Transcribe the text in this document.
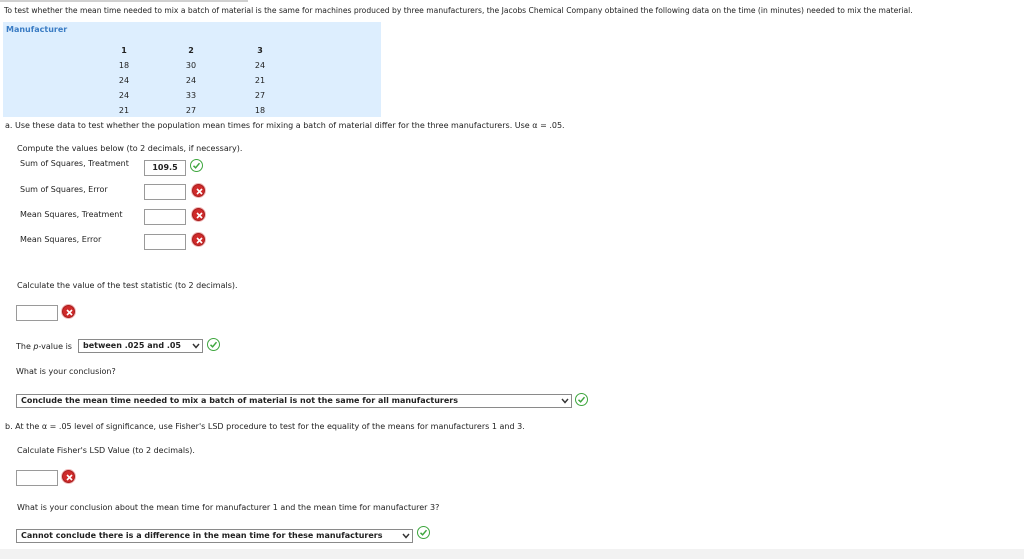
To test whether the mean time needed to mix a batch of material is the same for machines produced by three manufacturers, the Jacobs Chemical Company obtained the following data on the time (in minutes) needed to mix the material.
Manufacturer
1	2	3
18	30	24
24	24	21
24	33	27
21	27	18
a. Use these data to test whether the population mean times for mixing a batch of material differ for the three manufacturers. Use α = .05.
Compute the values below (to 2 decimals, if necessary).
Sum of Squares, Treatment	109.5
Sum of Squares, Error
Mean Squares, Treatment
Mean Squares, Error
Calculate the value of the test statistic (to 2 decimals).
The p-value is	between .025 and .05
What is your conclusion?
Conclude the mean time needed to mix a batch of material is not the same for all manufacturers
b. At the α = .05 level of significance, use Fisher's LSD procedure to test for the equality of the means for manufacturers 1 and 3.
Calculate Fisher's LSD Value (to 2 decimals).
What is your conclusion about the mean time for manufacturer 1 and the mean time for manufacturer 3?
Cannot conclude there is a difference in the mean time for these manufacturers
